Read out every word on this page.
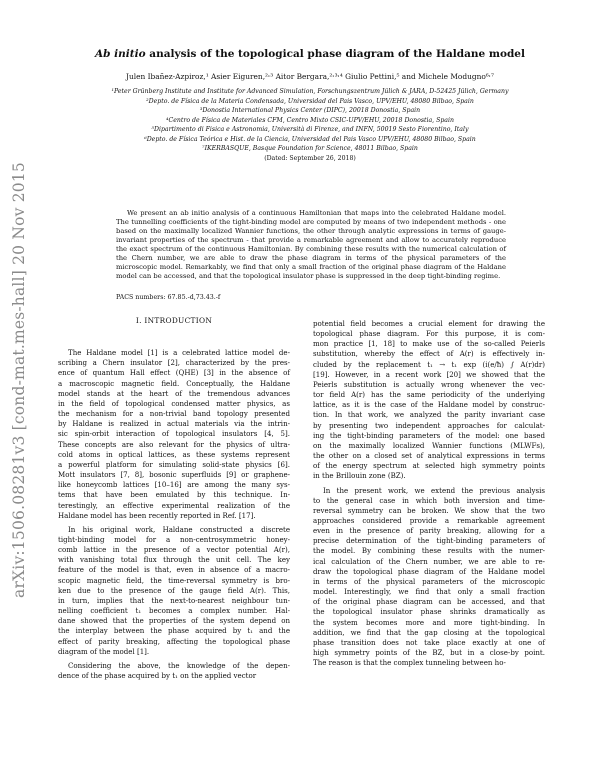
arXiv:1506.08281v3 [cond-mat.mes-hall] 20 Nov 2015
Ab initio analysis of the topological phase diagram of the Haldane model
Julen Ibañez-Azpiroz,¹ Asier Eiguren,²˒³ Aitor Bergara,²˒³˒⁴ Giulio Pettini,⁵ and Michele Modugno⁶˒⁷
¹Peter Grünberg Institute and Institute for Advanced Simulation, Forschungszentrum Jülich & JARA, D-52425 Jülich, Germany
²Depto. de Física de la Materia Condensada, Universidad del Pais Vasco, UPV/EHU, 48080 Bilbao, Spain
³Donostia International Physics Center (DIPC), 20018 Donostia, Spain
⁴Centro de Física de Materiales CFM, Centro Mixto CSIC-UPV/EHU, 20018 Donostia, Spain
⁵Dipartimento di Fisica e Astronomia, Università di Firenze, and INFN, 50019 Sesto Fiorentino, Italy
⁶Depto. de Física Teórica e Hist. de la Ciencia, Universidad del Pais Vasco UPV/EHU, 48080 Bilbao, Spain
⁷IKERBASQUE, Basque Foundation for Science, 48011 Bilbao, Spain
(Dated: September 26, 2018)

We present an ab initio analysis of a continuous Hamiltonian that maps into the celebrated Haldane model. The tunnelling coefficients of the tight-binding model are computed by means of two independent methods - one based on the maximally localized Wannier functions, the other through analytic expressions in terms of gauge-invariant properties of the spectrum - that provide a remarkable agreement and allow to accurately reproduce the exact spectrum of the continuous Hamiltonian. By combining these results with the numerical calculation of the Chern number, we are able to draw the phase diagram in terms of the physical parameters of the microscopic model. Remarkably, we find that only a small fraction of the original phase diagram of the Haldane model can be accessed, and that the topological insulator phase is suppressed in the deep tight-binding regime.

PACS numbers: 67.85.-d,73.43.-f
I. INTRODUCTION
The Haldane model [1] is a celebrated lattice model de-
scribing a Chern insulator [2], characterized by the pres-
ence of quantum Hall effect (QHE) [3] in the absence of
a macroscopic magnetic field. Conceptually, the Haldane
model stands at the heart of the tremendous advances
in the field of topological condensed matter physics, as
the mechanism for a non-trivial band topology presented
by Haldane is realized in actual materials via the intrin-
sic spin-orbit interaction of topological insulators [4, 5].
These concepts are also relevant for the physics of ultra-
cold atoms in optical lattices, as these systems represent
a powerful platform for simulating solid-state physics [6].
Mott insulators [7, 8], bosonic superfluids [9] or graphene-
like honeycomb lattices [10–16] are among the many sys-
tems that have been emulated by this technique. In-
terestingly, an effective experimental realization of the
Haldane model has been recently reported in Ref. [17].
In his original work, Haldane constructed a discrete
tight-binding model for a non-centrosymmetric honey-
comb lattice in the presence of a vector potential A(r),
with vanishing total flux through the unit cell. The key
feature of the model is that, even in absence of a macro-
scopic magnetic field, the time-reversal symmetry is bro-
ken due to the presence of the gauge field A(r). This,
in turn, implies that the next-to-nearest neighbour tun-
nelling coefficient t₁ becomes a complex number. Hal-
dane showed that the properties of the system depend on
the interplay between the phase acquired by t₁ and the
effect of parity breaking, affecting the topological phase
diagram of the model [1].
Considering the above, the knowledge of the depen-
dence of the phase acquired by t₁ on the applied vector
potential field becomes a crucial element for drawing the
topological phase diagram. For this purpose, it is com-
mon practice [1, 18] to make use of the so-called Peierls
substitution, whereby the effect of A(r) is effectively in-
cluded by the replacement t₁ → t₁ exp (i(e/ħ) ∫ A(r)dr)
[19]. However, in a recent work [20] we showed that the
Peierls substitution is actually wrong whenever the vec-
tor field A(r) has the same periodicity of the underlying
lattice, as it is the case of the Haldane model by construc-
tion. In that work, we analyzed the parity invariant case
by presenting two independent approaches for calculat-
ing the tight-binding parameters of the model: one based
on the maximally localized Wannier functions (MLWFs),
the other on a closed set of analytical expressions in terms
of the energy spectrum at selected high symmetry points
in the Brillouin zone (BZ).
In the present work, we extend the previous analysis
to the general case in which both inversion and time-
reversal symmetry can be broken. We show that the two
approaches considered provide a remarkable agreement
even in the presence of parity breaking, allowing for a
precise determination of the tight-binding parameters of
the model. By combining these results with the numer-
ical calculation of the Chern number, we are able to re-
draw the topological phase diagram of the Haldane model
in terms of the physical parameters of the microscopic
model. Interestingly, we find that only a small fraction
of the original phase diagram can be accessed, and that
the topological insulator phase shrinks dramatically as
the system becomes more and more tight-binding. In
addition, we find that the gap closing at the topological
phase transition does not take place exactly at one of
high symmetry points of the BZ, but in a close-by point.
The reason is that the complex tunneling between ho-
